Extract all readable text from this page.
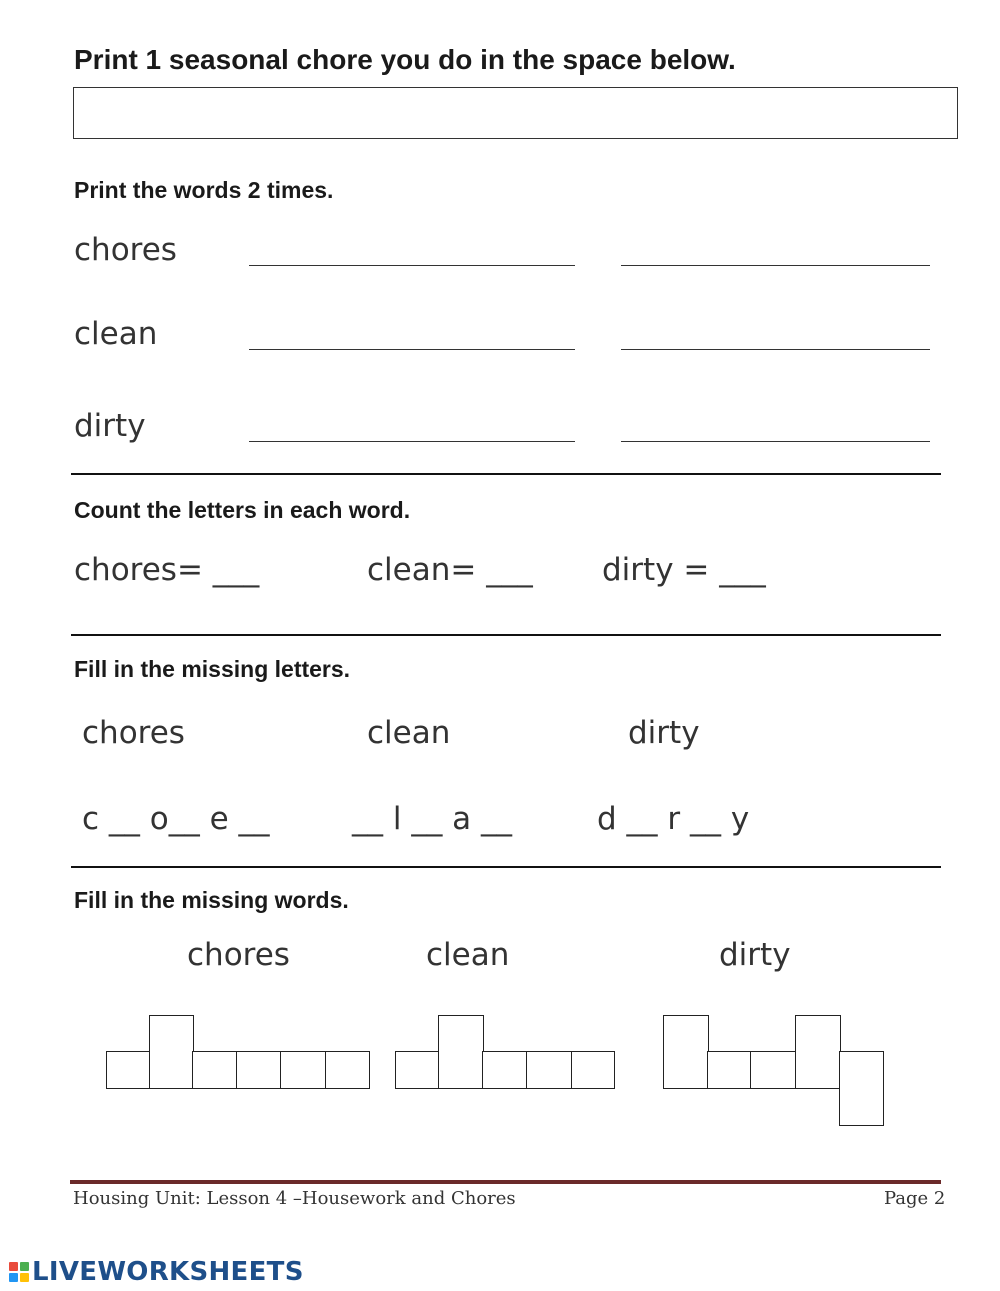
Print 1 seasonal chore you do in the space below.
Print the words 2 times.
chores
clean
dirty
Count the letters in each word.
chores= ___	clean= ___ dirty = ___
Fill in the missing letters.
chores	clean	dirty
c __ o__ e __	__ l __ a __	d __ r __ y
Fill in the missing words.
chores	clean	dirty
Housing Unit: Lesson 4 –Housework and Chores	Page 2
LIVEWORKSHEETS
